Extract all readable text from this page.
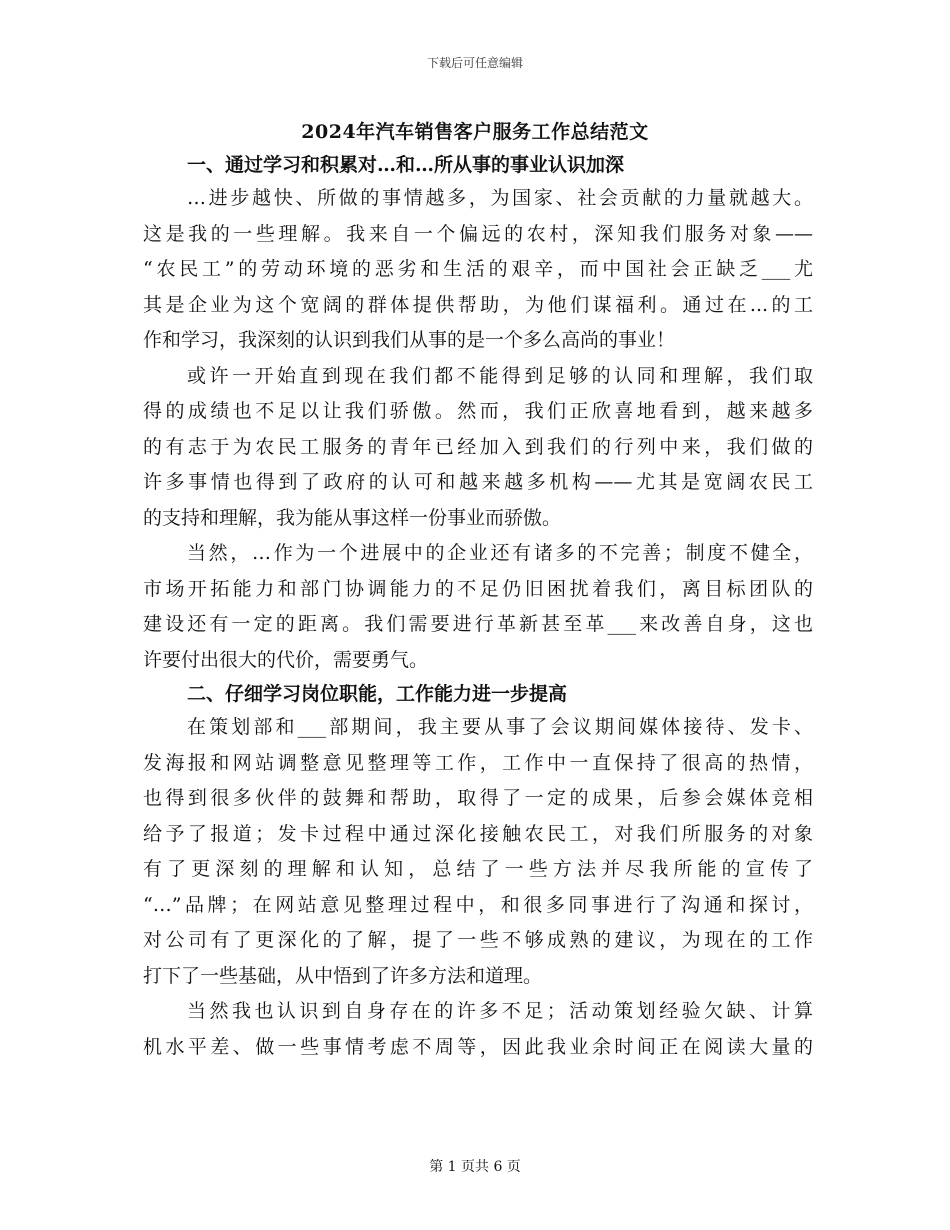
下载后可任意编辑
2024年汽车销售客户服务工作总结范文
一、通过学习和积累对…和…所从事的事业认识加深
…进步越快、所做的事情越多，为国家、社会贡献的力量就越大。
这是我的一些理解。我来自一个偏远的农村，深知我们服务对象——
“农民工”的劳动环境的恶劣和生活的艰辛，而中国社会正缺乏___尤
其是企业为这个宽阔的群体提供帮助，为他们谋福利。通过在...的工
作和学习，我深刻的认识到我们从事的是一个多么高尚的事业！
或许一开始直到现在我们都不能得到足够的认同和理解，我们取
得的成绩也不足以让我们骄傲。然而，我们正欣喜地看到，越来越多
的有志于为农民工服务的青年已经加入到我们的行列中来，我们做的
许多事情也得到了政府的认可和越来越多机构——尤其是宽阔农民工
的支持和理解，我为能从事这样一份事业而骄傲。
当然，…作为一个进展中的企业还有诸多的不完善；制度不健全，
市场开拓能力和部门协调能力的不足仍旧困扰着我们，离目标团队的
建设还有一定的距离。我们需要进行革新甚至革___来改善自身，这也
许要付出很大的代价，需要勇气。
二、仔细学习岗位职能，工作能力进一步提高
在策划部和___部期间，我主要从事了会议期间媒体接待、发卡、
发海报和网站调整意见整理等工作，工作中一直保持了很高的热情，
也得到很多伙伴的鼓舞和帮助，取得了一定的成果，后参会媒体竞相
给予了报道；发卡过程中通过深化接触农民工，对我们所服务的对象
有了更深刻的理解和认知，总结了一些方法并尽我所能的宣传了
“…”品牌；在网站意见整理过程中，和很多同事进行了沟通和探讨，
对公司有了更深化的了解，提了一些不够成熟的建议，为现在的工作
打下了一些基础，从中悟到了许多方法和道理。
当然我也认识到自身存在的许多不足；活动策划经验欠缺、计算
机水平差、做一些事情考虑不周等，因此我业余时间正在阅读大量的
第 1 页共 6 页
